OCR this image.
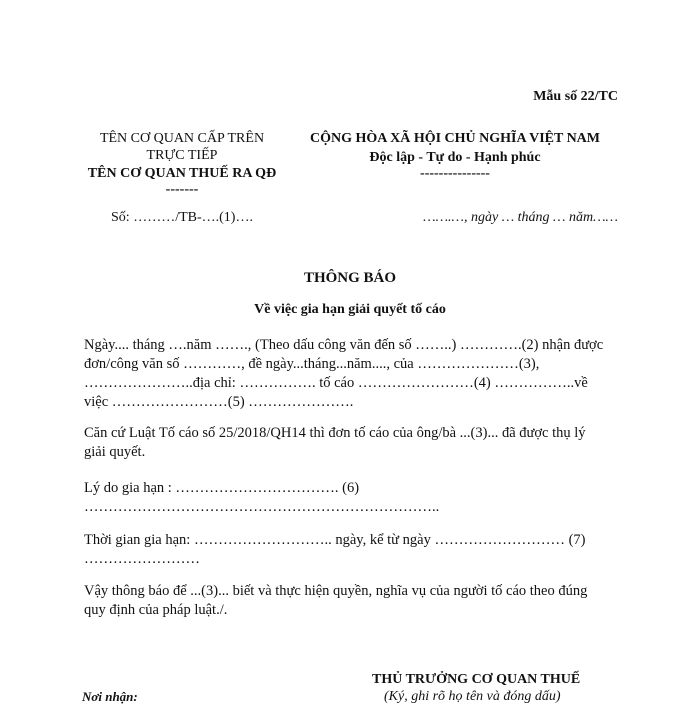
Mẫu số 22/TC
TÊN CƠ QUAN CẤP TRÊN
TRỰC TIẾP
TÊN CƠ QUAN THUẾ RA QĐ
-------
Số: ………/TB-….(1)….
CỘNG HÒA XÃ HỘI CHỦ NGHĨA VIỆT NAM
Độc lập - Tự do - Hạnh phúc
---------------
…….…, ngày … tháng … năm……
THÔNG BÁO
Về việc gia hạn giải quyết tố cáo
Ngày.... tháng ….năm ……., (Theo dấu công văn đến số ……..) ………….(2) nhận được
đơn/công văn số …………, đề ngày...tháng...năm...., của …………………(3),
…………………..địa chỉ: ……………. tố cáo ……………………(4) ……………..về
việc ……………………(5) ………………….
Căn cứ Luật Tố cáo số 25/2018/QH14 thì đơn tố cáo của ông/bà ...(3)... đã được thụ lý
giải quyết.
Lý do gia hạn : ……………………………. (6)
………………………………………………………………..
Thời gian gia hạn: ……………………….. ngày, kể từ ngày ……………………… (7)
……………………
Vậy thông báo để ...(3)... biết và thực hiện quyền, nghĩa vụ của người tố cáo theo đúng
quy định của pháp luật./.
THỦ TRƯỞNG CƠ QUAN THUẾ
(Ký, ghi rõ họ tên và đóng dấu)
Nơi nhận:
